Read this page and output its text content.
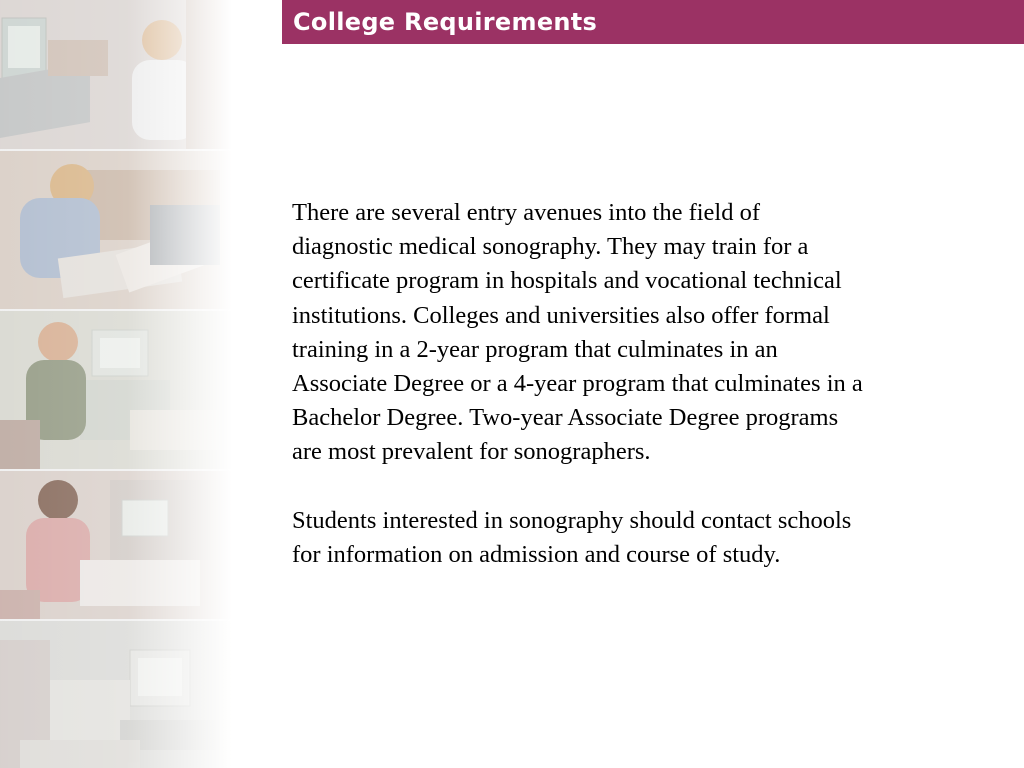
College Requirements

There are several entry avenues into the field of
diagnostic medical sonography. They may train for a
certificate program in hospitals and vocational technical
institutions. Colleges and universities also offer formal
training in a 2-year program that culminates in an
Associate Degree or a 4-year program that culminates in a
Bachelor Degree. Two-year Associate Degree programs
are most prevalent for sonographers.

Students interested in sonography should contact schools
for information on admission and course of study.
